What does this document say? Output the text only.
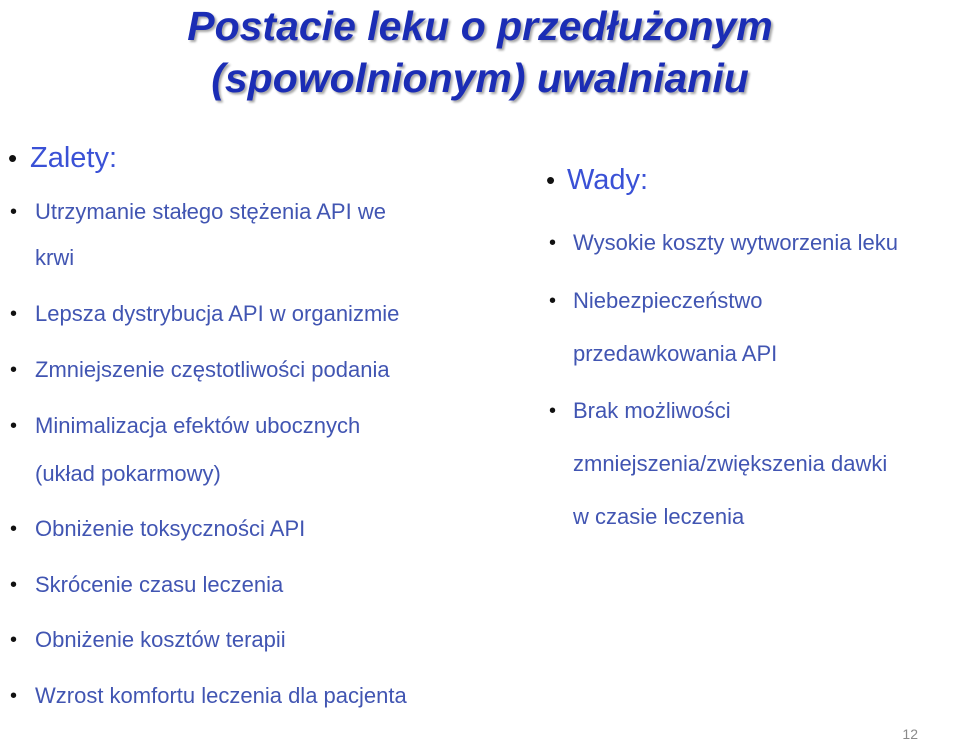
Postacie leku o przedłużonym
(spowolnionym) uwalnianiu
• Zalety:
• Utrzymanie stałego stężenia API we
krwi
• Lepsza dystrybucja API w organizmie
• Zmniejszenie częstotliwości podania
• Minimalizacja efektów ubocznych
(układ pokarmowy)
• Obniżenie toksyczności API
• Skrócenie czasu leczenia
• Obniżenie kosztów terapii
• Wzrost komfortu leczenia dla pacjenta
• Wady:
• Wysokie koszty wytworzenia leku
• Niebezpieczeństwo
przedawkowania API
• Brak możliwości
zmniejszenia/zwiększenia dawki
w czasie leczenia
12
